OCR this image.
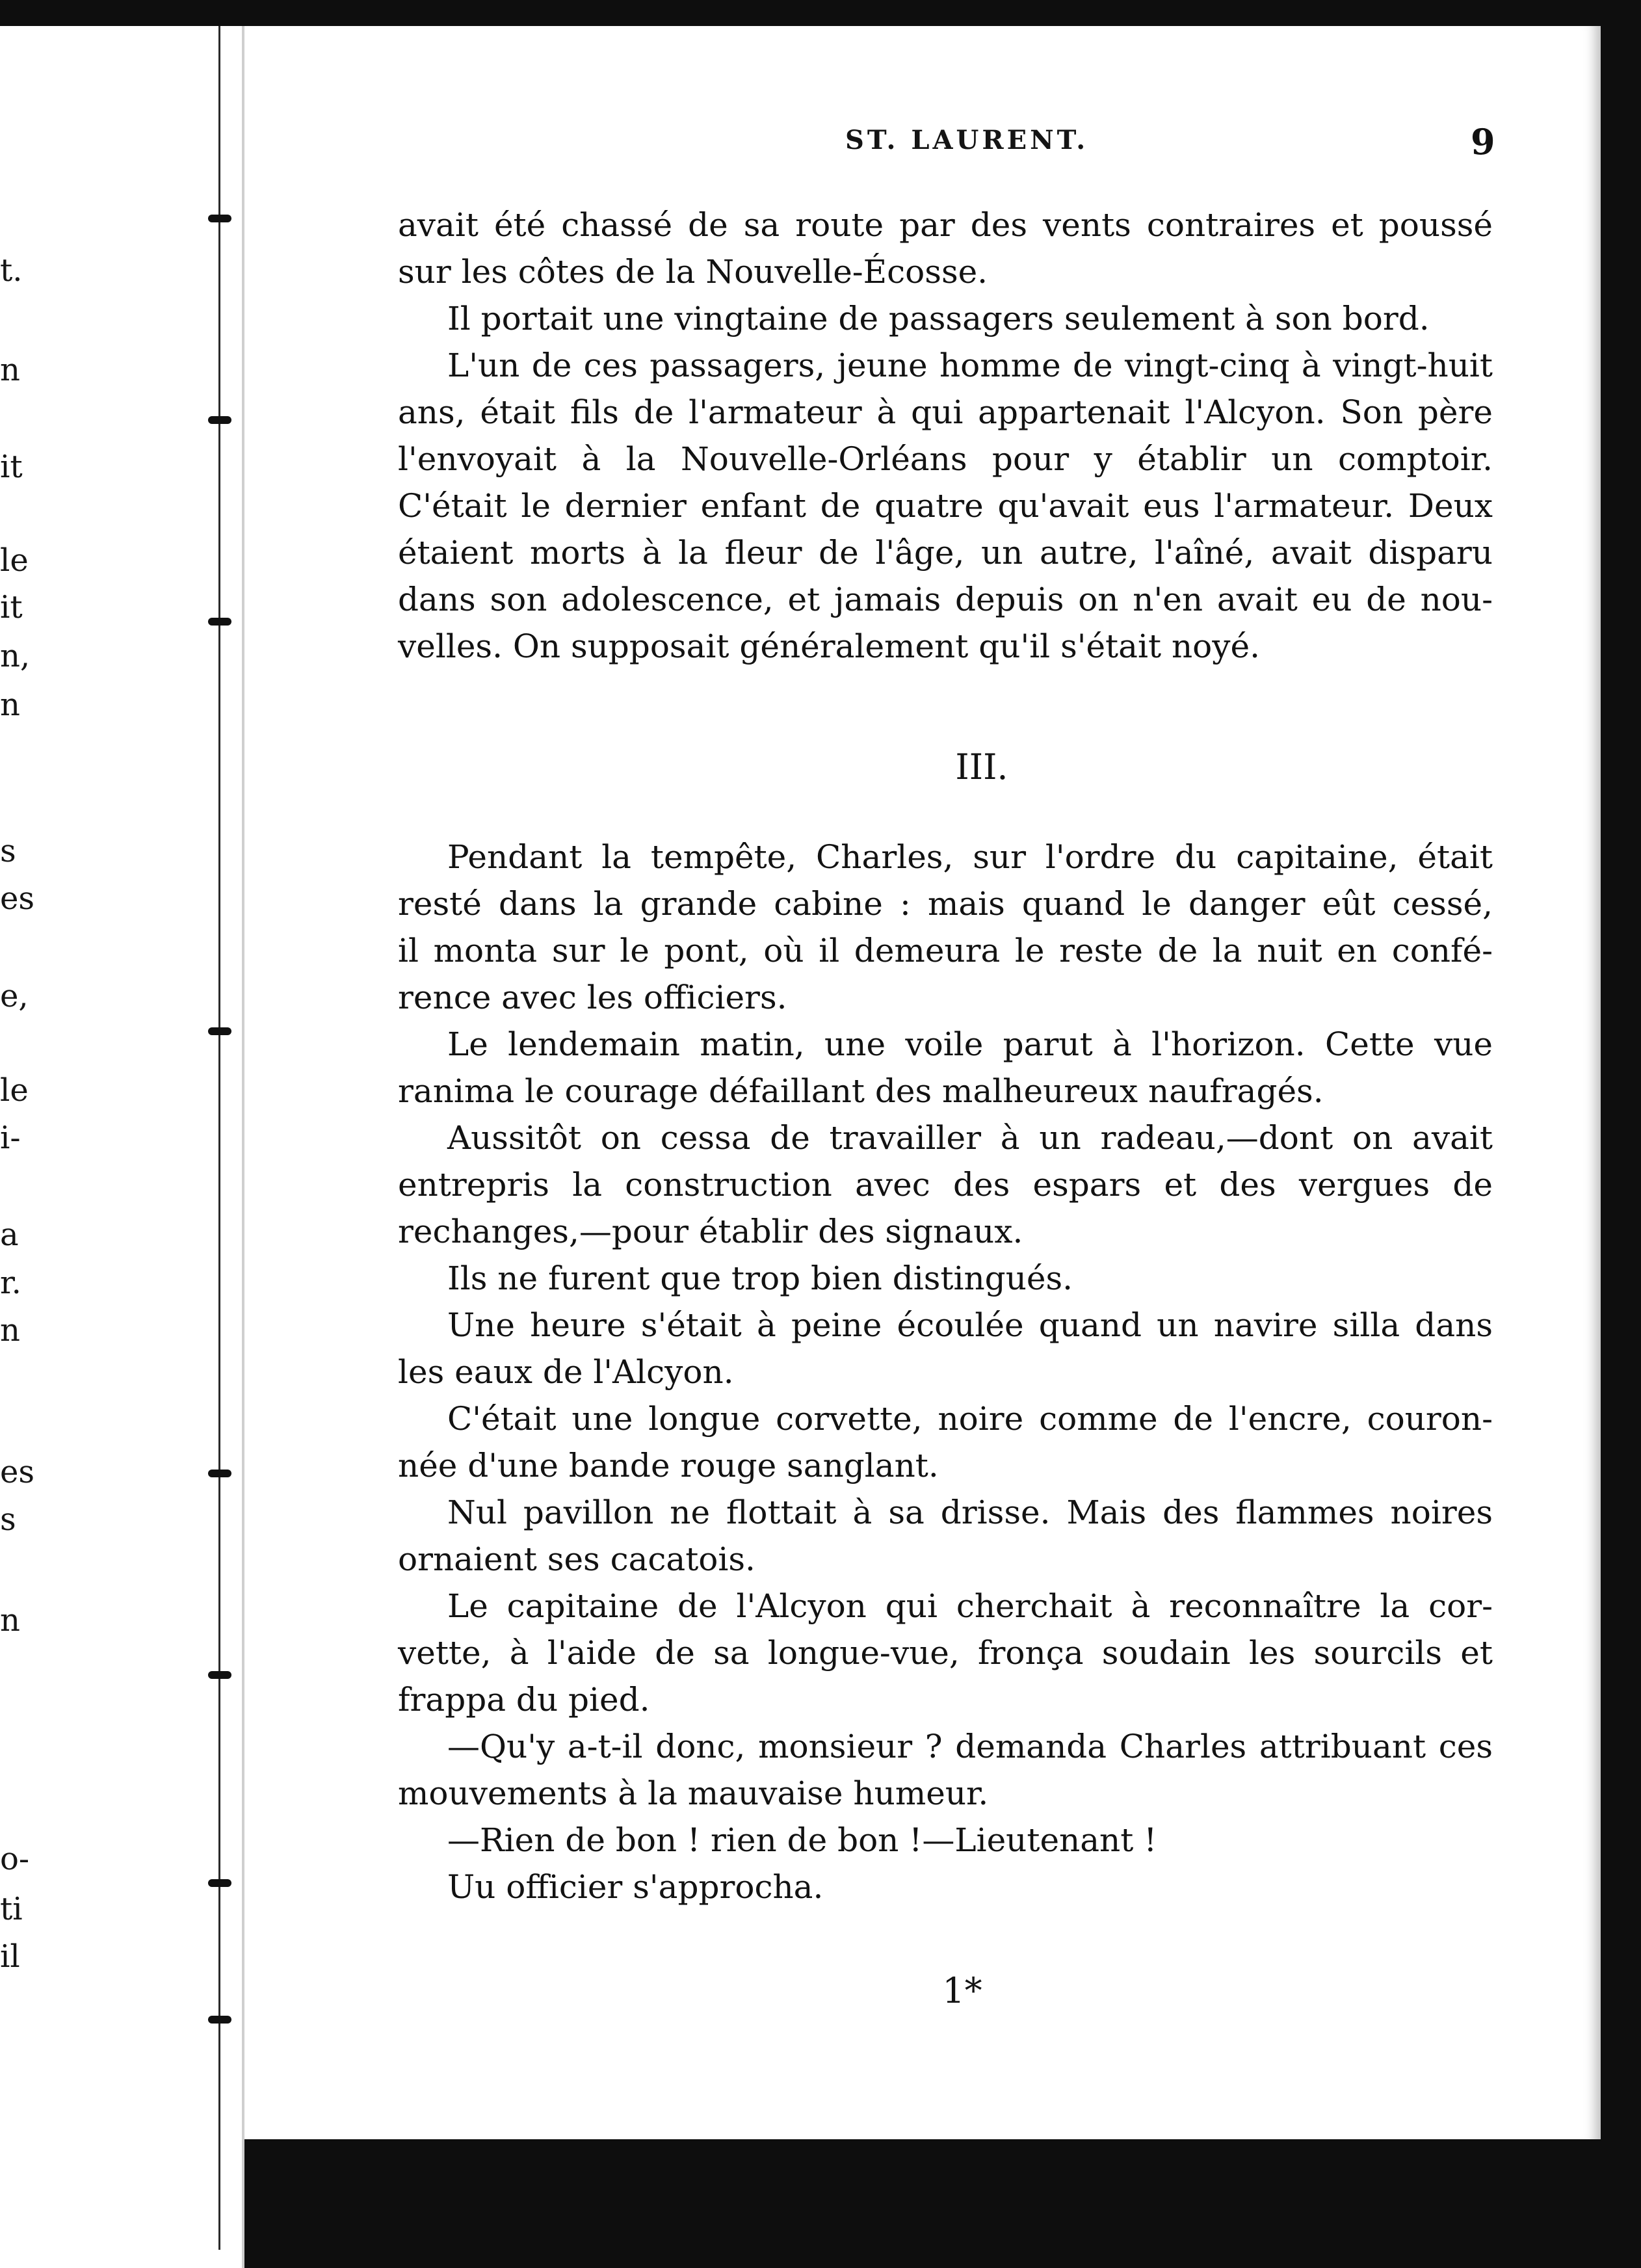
t.
n
it
le
it
n,
n
s
es
e,
le
i-
a
r.
n
es
s
n
o-
ti
il
ST. LAURENT.	9
avait été chassé de sa route par des vents contraires et poussé
sur les côtes de la Nouvelle-Écosse.
Il portait une vingtaine de passagers seulement à son bord.
L'un de ces passagers, jeune homme de vingt-cinq à vingt-huit
ans, était fils de l'armateur à qui appartenait l'Alcyon. Son père
l'envoyait à la Nouvelle-Orléans pour y établir un comptoir.
C'était le dernier enfant de quatre qu'avait eus l'armateur. Deux
étaient morts à la fleur de l'âge, un autre, l'aîné, avait disparu
dans son adolescence, et jamais depuis on n'en avait eu de nou-
velles. On supposait généralement qu'il s'était noyé.
III.
Pendant la tempête, Charles, sur l'ordre du capitaine, était
resté dans la grande cabine : mais quand le danger eût cessé,
il monta sur le pont, où il demeura le reste de la nuit en confé-
rence avec les officiers.
Le lendemain matin, une voile parut à l'horizon. Cette vue
ranima le courage défaillant des malheureux naufragés.
Aussitôt on cessa de travailler à un radeau,—dont on avait
entrepris la construction avec des espars et des vergues de
rechanges,—pour établir des signaux.
Ils ne furent que trop bien distingués.
Une heure s'était à peine écoulée quand un navire silla dans
les eaux de l'Alcyon.
C'était une longue corvette, noire comme de l'encre, couron-
née d'une bande rouge sanglant.
Nul pavillon ne flottait à sa drisse. Mais des flammes noires
ornaient ses cacatois.
Le capitaine de l'Alcyon qui cherchait à reconnaître la cor-
vette, à l'aide de sa longue-vue, fronça soudain les sourcils et
frappa du pied.
—Qu'y a-t-il donc, monsieur ? demanda Charles attribuant ces
mouvements à la mauvaise humeur.
—Rien de bon ! rien de bon !—Lieutenant !
Uu officier s'approcha.
1*
